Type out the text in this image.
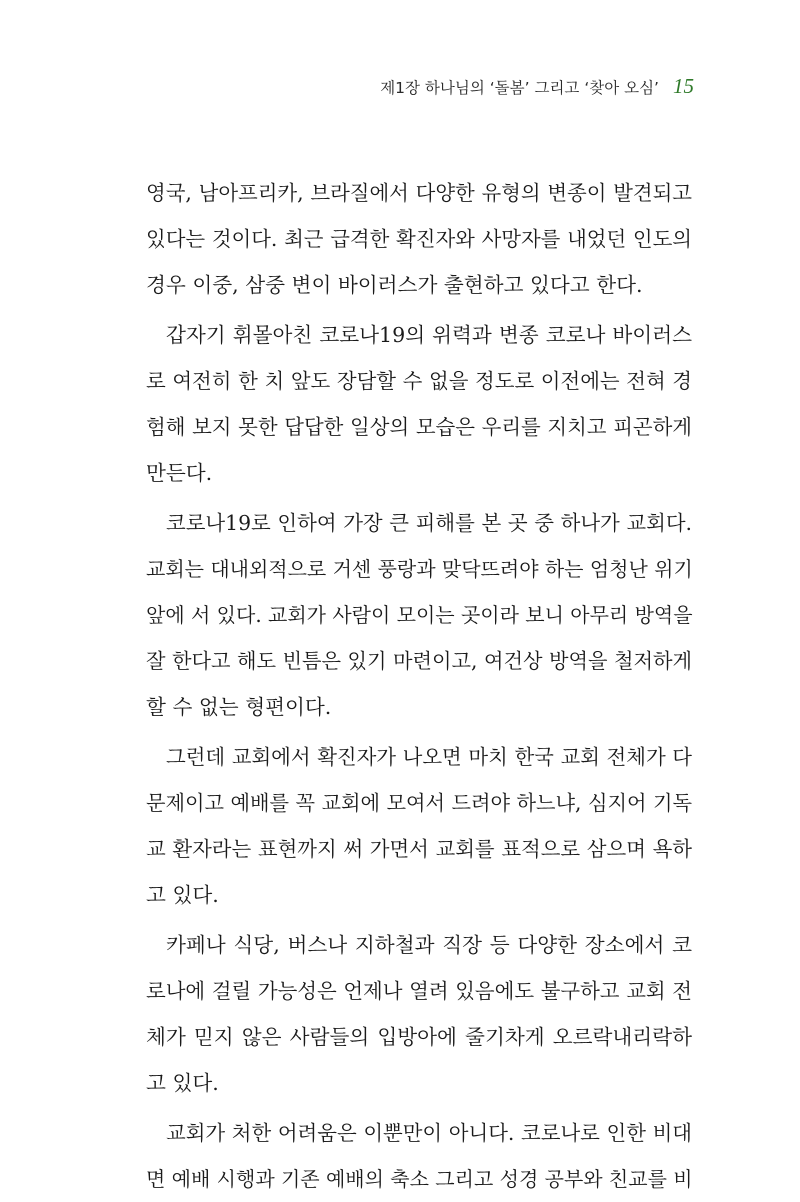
제1장 하나님의 ‘돌봄’ 그리고 ‘찾아 오심’ 15
영국, 남아프리카, 브라질에서 다양한 유형의 변종이 발견되고
있다는 것이다. 최근 급격한 확진자와 사망자를 내었던 인도의
경우 이중, 삼중 변이 바이러스가 출현하고 있다고 한다.
갑자기 휘몰아친 코로나19의 위력과 변종 코로나 바이러스
로 여전히 한 치 앞도 장담할 수 없을 정도로 이전에는 전혀 경
험해 보지 못한 답답한 일상의 모습은 우리를 지치고 피곤하게
만든다.
코로나19로 인하여 가장 큰 피해를 본 곳 중 하나가 교회다.
교회는 대내외적으로 거센 풍랑과 맞닥뜨려야 하는 엄청난 위기
앞에 서 있다. 교회가 사람이 모이는 곳이라 보니 아무리 방역을
잘 한다고 해도 빈틈은 있기 마련이고, 여건상 방역을 철저하게
할 수 없는 형편이다.
그런데 교회에서 확진자가 나오면 마치 한국 교회 전체가 다
문제이고 예배를 꼭 교회에 모여서 드려야 하느냐, 심지어 기독
교 환자라는 표현까지 써 가면서 교회를 표적으로 삼으며 욕하
고 있다.
카페나 식당, 버스나 지하철과 직장 등 다양한 장소에서 코
로나에 걸릴 가능성은 언제나 열려 있음에도 불구하고 교회 전
체가 믿지 않은 사람들의 입방아에 줄기차게 오르락내리락하
고 있다.
교회가 처한 어려움은 이뿐만이 아니다. 코로나로 인한 비대
면 예배 시행과 기존 예배의 축소 그리고 성경 공부와 친교를 비
